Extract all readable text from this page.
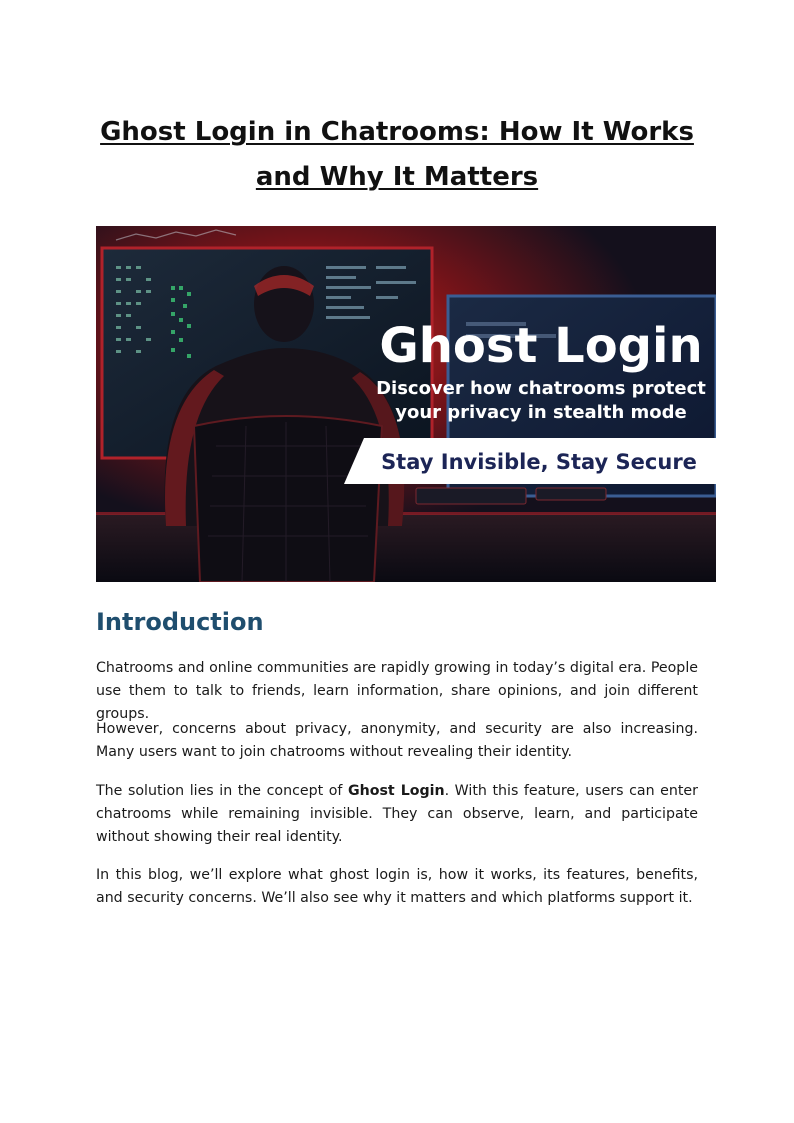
Ghost Login in Chatrooms: How It Works
and Why It Matters
Ghost Login
Discover how chatrooms protect
your privacy in stealth mode
Stay Invisible, Stay Secure
Introduction

Chatrooms and online communities are rapidly growing in today’s digital era. People use them to talk to friends, learn information, share opinions, and join different groups.

However, concerns about privacy, anonymity, and security are also increasing. Many users want to join chatrooms without revealing their identity.

The solution lies in the concept of Ghost Login. With this feature, users can enter chatrooms while remaining invisible. They can observe, learn, and participate without showing their real identity.

In this blog, we’ll explore what ghost login is, how it works, its features, benefits, and security concerns. We’ll also see why it matters and which platforms support it.
